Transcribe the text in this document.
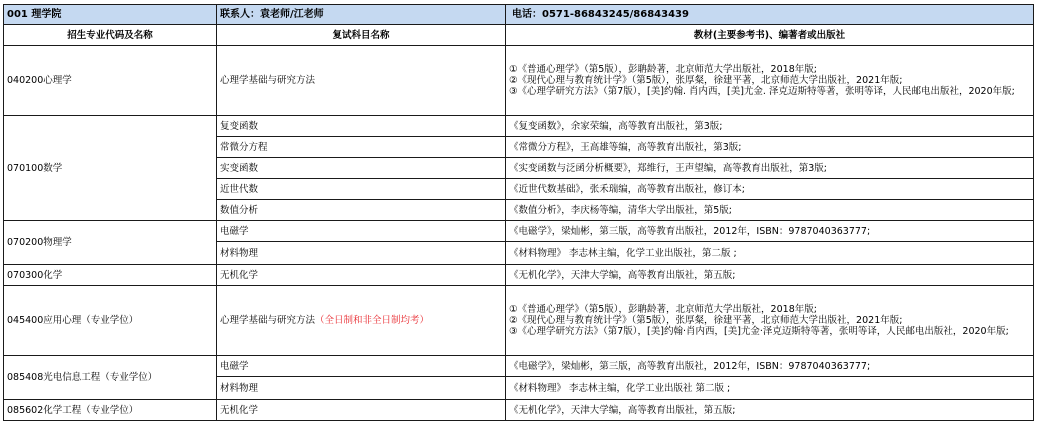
001 理学院	联系人：袁老师/江老师	电话：0571-86843245/86843439
招生专业代码及名称	复试科目名称	教材(主要参考书)、编著者或出版社
040200心理学	心理学基础与研究方法	①《普通心理学》（第5版），彭聃龄著，北京师范大学出版社，2018年版;
②《现代心理与教育统计学》（第5版），张厚粲，徐建平著，北京师范大学出版社，2021年版;
③《心理学研究方法》（第7版），[美]约翰. 肖内西，[美]尤金. 泽克迈斯特等著，张明等译，人民邮电出版社，2020年版;

070100数学	复变函数	《复变函数》，余家荣编，高等教育出版社，第3版;
	常微分方程	《常微分方程》，王高雄等编，高等教育出版社，第3版;
	实变函数	《实变函数与泛函分析概要》，郑维行，王声望编，高等教育出版社，第3版;
	近世代数	《近世代数基础》，张禾瑞编，高等教育出版社，修订本;
	数值分析	《数值分析》，李庆杨等编，清华大学出版社，第5版;
070200物理学	电磁学	《电磁学》，梁灿彬，第三版，高等教育出版社，2012年，ISBN：9787040363777;
	材料物理	《材料物理》 李志林主编，化学工业出版社，第二版 ;
070300化学	无机化学	《无机化学》，天津大学编，高等教育出版社，第五版;
045400应用心理（专业学位）	心理学基础与研究方法（全日制和非全日制均考）	①《普通心理学》（第5版），彭聃龄著，北京师范大学出版社，2018年版;
②《现代心理与教育统计学》（第5版），张厚粲，徐建平著，北京师范大学出版社，2021年版;
③《心理学研究方法》（第7版），[美]约翰·肖内西，[美]尤金·泽克迈斯特等著，张明等译，人民邮电出版社，2020年版;

085408光电信息工程（专业学位）	电磁学	《电磁学》，梁灿彬，第三版，高等教育出版社，2012年，ISBN：9787040363777;
	材料物理	《材料物理》 李志林主编，化学工业出版社 第二版 ;
085602化学工程（专业学位）	无机化学	《无机化学》，天津大学编，高等教育出版社，第五版;
